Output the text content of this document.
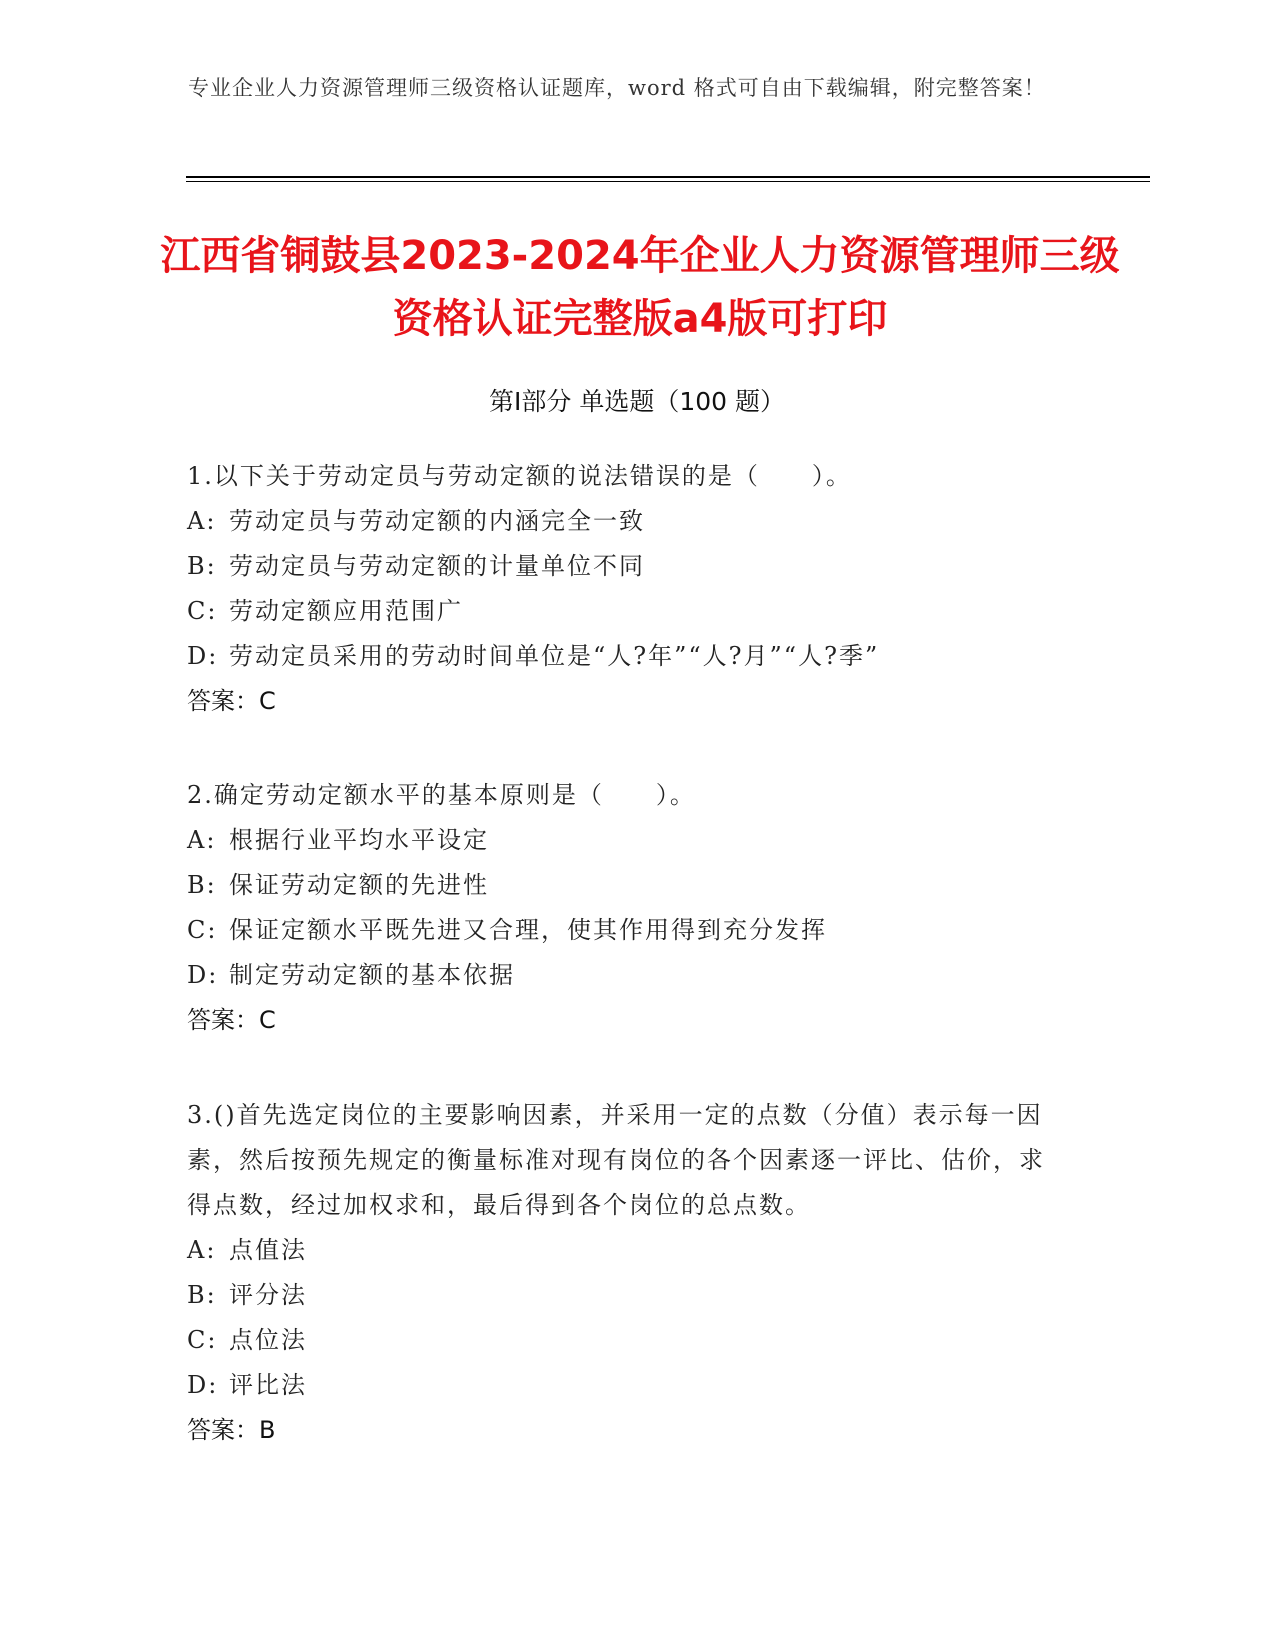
专业企业人力资源管理师三级资格认证题库，word 格式可自由下载编辑，附完整答案！
江西省铜鼓县2023-2024年企业人力资源管理师三级资格认证完整版a4版可打印
第Ⅰ部分 单选题（100 题）
1.以下关于劳动定员与劳动定额的说法错误的是（　　）。
A: 劳动定员与劳动定额的内涵完全一致
B: 劳动定员与劳动定额的计量单位不同
C: 劳动定额应用范围广
D: 劳动定员采用的劳动时间单位是“人?年”“人?月”“人?季”
答案：C
2.确定劳动定额水平的基本原则是（　　）。
A: 根据行业平均水平设定
B: 保证劳动定额的先进性
C: 保证定额水平既先进又合理，使其作用得到充分发挥
D: 制定劳动定额的基本依据
答案：C
3.()首先选定岗位的主要影响因素，并采用一定的点数（分值）表示每一因素，然后按预先规定的衡量标准对现有岗位的各个因素逐一评比、估价，求得点数，经过加权求和，最后得到各个岗位的总点数。
A: 点值法
B: 评分法
C: 点位法
D: 评比法
答案：B
